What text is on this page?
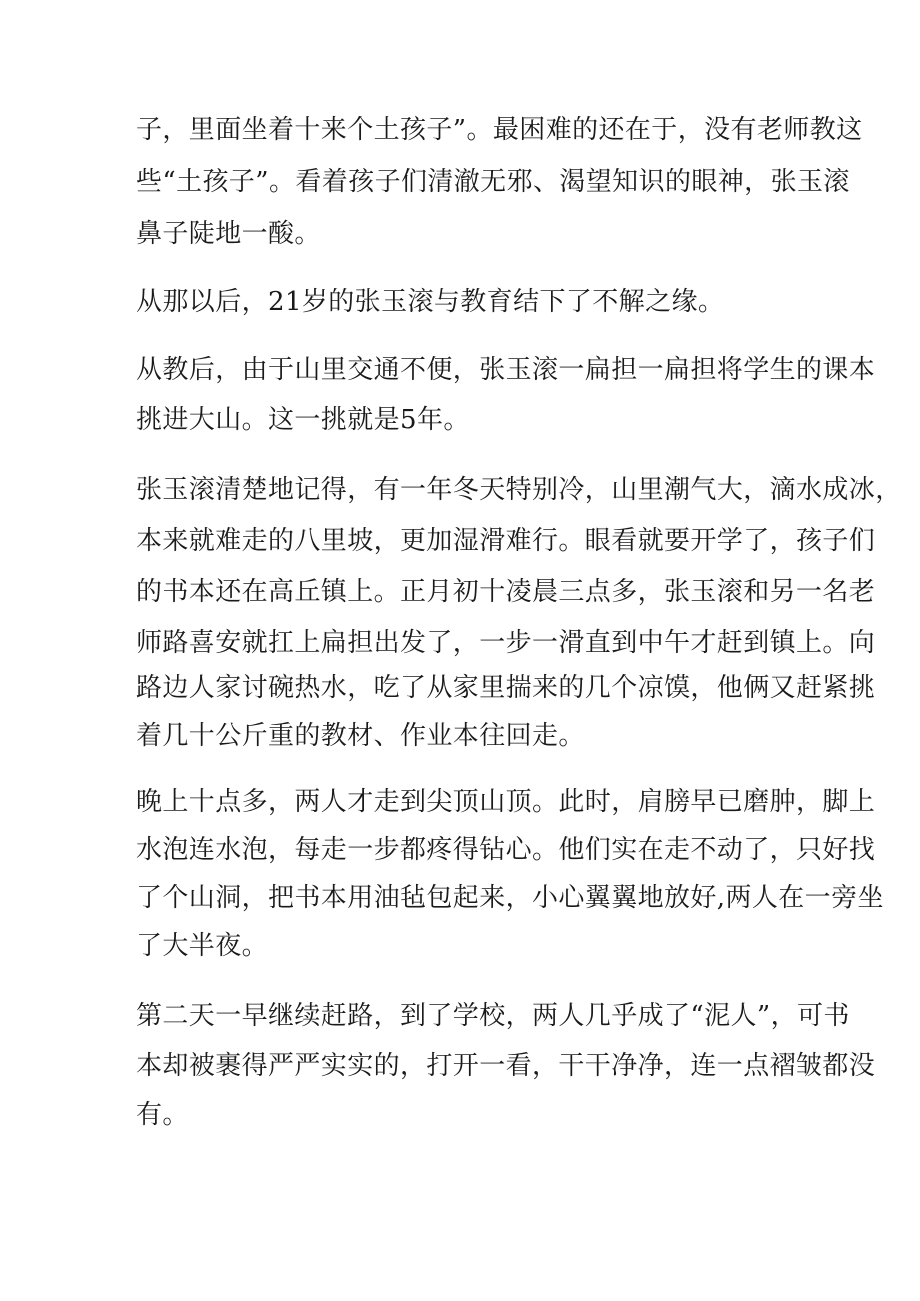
子，里面坐着十来个土孩子”。最困难的还在于，没有老师教这
些“土孩子”。看着孩子们清澈无邪、渴望知识的眼神，张玉滚
鼻子陡地一酸。
从那以后，21岁的张玉滚与教育结下了不解之缘。
从教后，由于山里交通不便，张玉滚一扁担一扁担将学生的课本
挑进大山。这一挑就是5年。
张玉滚清楚地记得，有一年冬天特别冷，山里潮气大，滴水成冰，
本来就难走的八里坡，更加湿滑难行。眼看就要开学了，孩子们
的书本还在高丘镇上。正月初十凌晨三点多，张玉滚和另一名老
师路喜安就扛上扁担出发了，一步一滑直到中午才赶到镇上。向
路边人家讨碗热水，吃了从家里揣来的几个凉馍，他俩又赶紧挑
着几十公斤重的教材、作业本往回走。
晚上十点多，两人才走到尖顶山顶。此时，肩膀早已磨肿，脚上
水泡连水泡，每走一步都疼得钻心。他们实在走不动了，只好找
了个山洞，把书本用油毡包起来，小心翼翼地放好,两人在一旁坐
了大半夜。
第二天一早继续赶路，到了学校，两人几乎成了“泥人”，可书
本却被裹得严严实实的，打开一看，干干净净，连一点褶皱都没
有。
